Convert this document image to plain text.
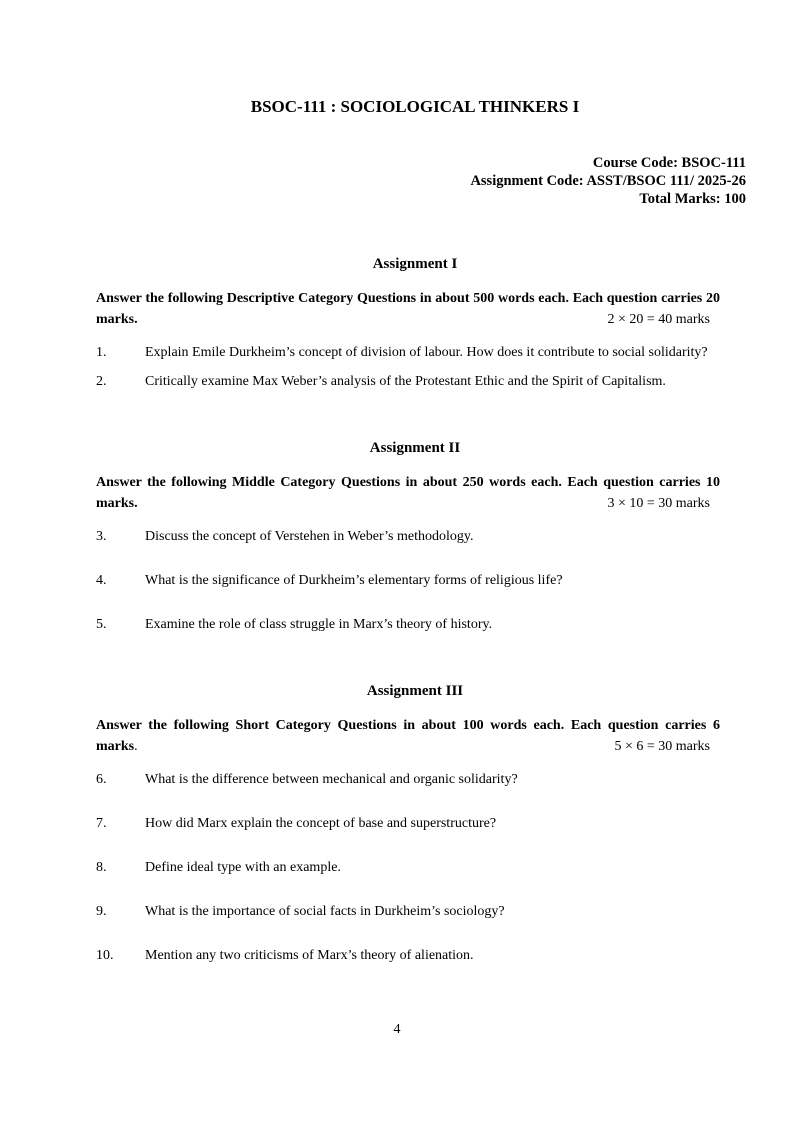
BSOC-111 : SOCIOLOGICAL THINKERS I
Course Code: BSOC-111
Assignment Code: ASST/BSOC 111/ 2025-26
Total Marks: 100
Assignment I
Answer the following Descriptive Category Questions in about 500 words each. Each question carries 20 marks.	2 × 20 = 40 marks
1.	Explain Emile Durkheim’s concept of division of labour. How does it contribute to social solidarity?
2.	Critically examine Max Weber’s analysis of the Protestant Ethic and the Spirit of Capitalism.
Assignment II
Answer the following Middle Category Questions in about 250 words each. Each question carries 10 marks.	3 × 10 = 30 marks
3.	Discuss the concept of Verstehen in Weber’s methodology.
4.	What is the significance of Durkheim’s elementary forms of religious life?
5.	Examine the role of class struggle in Marx’s theory of history.
Assignment III
Answer the following Short Category Questions in about 100 words each. Each question carries 6 marks.	5 × 6 = 30 marks
6.	What is the difference between mechanical and organic solidarity?
7.	How did Marx explain the concept of base and superstructure?
8.	Define ideal type with an example.
9.	What is the importance of social facts in Durkheim’s sociology?
10.	Mention any two criticisms of Marx’s theory of alienation.
4
